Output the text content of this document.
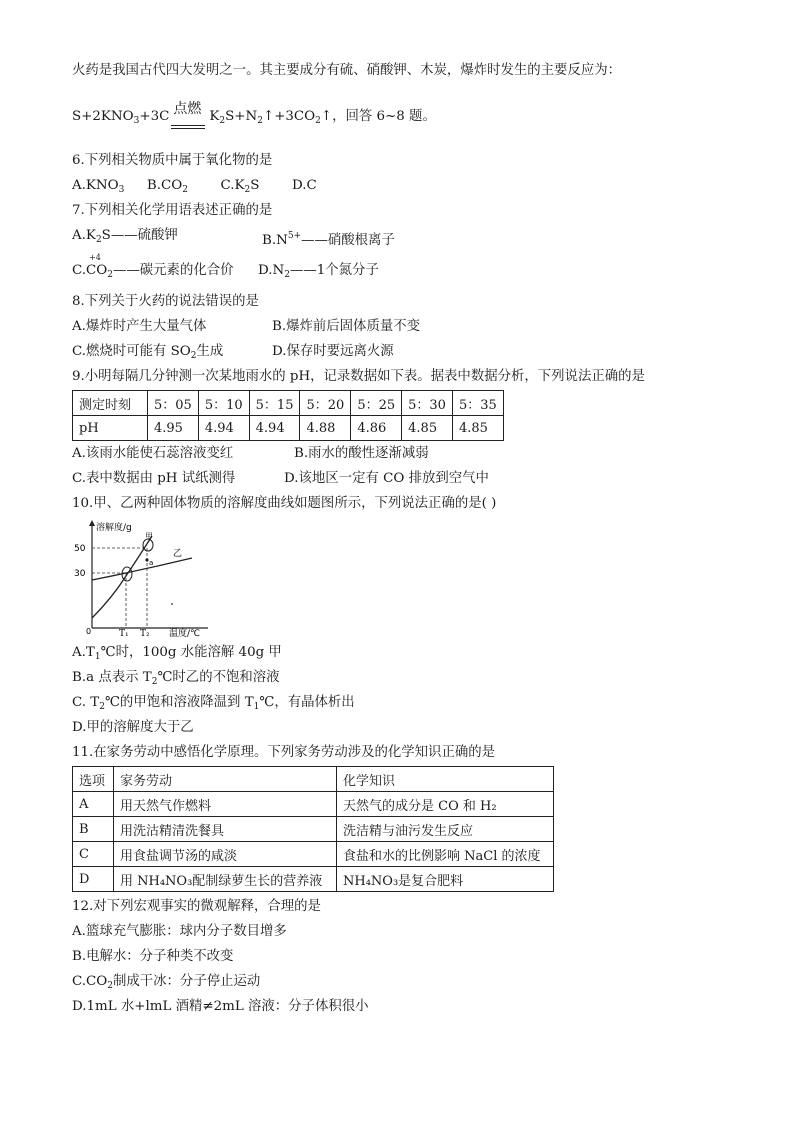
火药是我国古代四大发明之一。其主要成分有硫、硝酸钾、木炭，爆炸时发生的主要反应为：
$S+2KNO_3+3C$ 点燃 $K_2S+N_2↑+3CO_2↑$，回答 6~8 题。
6.下列相关物质中属于氧化物的是
$A.KNO_3$ $B.CO_2$ $C.K_2S$ D.C
7.下列相关化学用语表述正确的是
$A.K_2S——$硫酸钾	$B.N^{5+}——$硝酸根离子
C.
+4
$CO_2——$碳元素的化合价 $D.N_2——1$个氮分子
8.下列关于火药的说法错误的是
A.爆炸时产生大量气体	B.爆炸前后固体质量不变
C.燃烧时可能有 $SO_2$生成	D.保存时要远离火源
9.小明每隔几分钟测一次某地雨水的 pH，记录数据如下表。据表中数据分析，下列说法正确的是
测定时刻	5：05	5：10	5：15	5：20	5：25	5：30	5：35
pH	4.95	4.94	4.94	4.88	4.86	4.85	4.85
A.该雨水能使石蕊溶液变红	B.雨水的酸性逐渐减弱
C.表中数据由 pH 试纸测得	D.该地区一定有 CO 排放到空气中
10.甲、乙两种固体物质的溶解度曲线如题图所示，下列说法正确的是( )
溶解度/g
50
30
0	T₁ T₂ 温度/℃
a
甲
乙
$A.T_1℃$时，100g 水能溶解 40g 甲
B.a 点表示 $T_2℃$时乙的不饱和溶液
C. $T_2℃$的甲饱和溶液降温到 $T_1℃$，有晶体析出
D.甲的溶解度大于乙
11.在家务劳动中感悟化学原理。下列家务劳动涉及的化学知识正确的是
选项	家务劳动	化学知识
A	用天然气作燃料	天然气的成分是 CO 和 H₂
B	用洗沽精清洗餐具	洗洁精与油污发生反应
C	用食盐调节汤的咸淡	食盐和水的比例影响 NaCl 的浓度
D	用 NH₄NO₃配制绿萝生长的营养液	NH₄NO₃是复合肥料
12.对下列宏观事实的微观解释，合理的是
A.篮球充气膨胀：球内分子数目增多
B.电解水：分子种类不改变
$C.CO_2$制成干冰：分子停止运动
D.1mL 水+lmL 酒精≠2mL 溶液：分子体积很小
